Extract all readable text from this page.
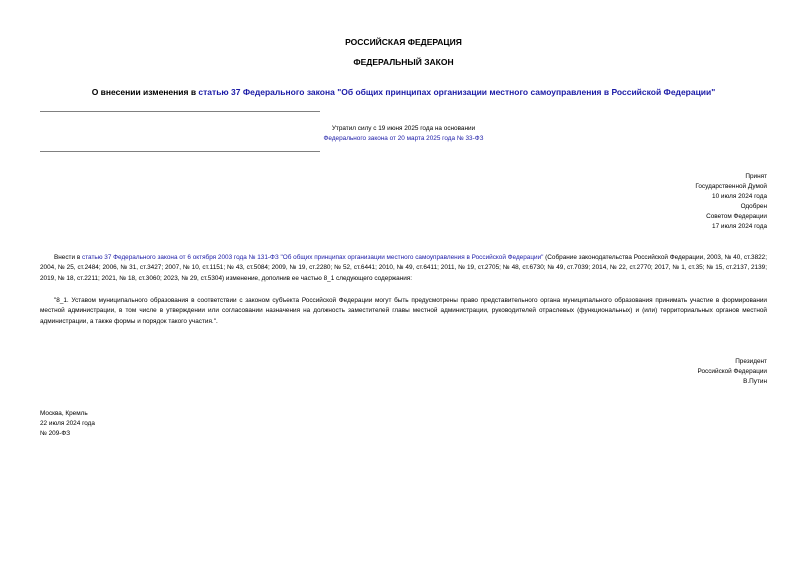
РОССИЙСКАЯ ФЕДЕРАЦИЯ
ФЕДЕРАЛЬНЫЙ ЗАКОН
О внесении изменения в статью 37 Федерального закона "Об общих принципах организации местного самоуправления в Российской Федерации"
Утратил силу с 19 июня 2025 года на основании
Федерального закона от 20 марта 2025 года № 33-ФЗ
Принят
Государственной Думой
10 июля 2024 года
Одобрен
Советом Федерации
17 июля 2024 года
Внести в статью 37 Федерального закона от 6 октября 2003 года № 131-ФЗ "Об общих принципах организации местного самоуправления в Российской Федерации" (Собрание законодательства Российской Федерации, 2003, № 40, ст.3822; 2004, № 25, ст.2484; 2006, № 31, ст.3427; 2007, № 10, ст.1151; № 43, ст.5084; 2009, № 19, ст.2280; № 52, ст.6441; 2010, № 49, ст.6411; 2011, № 19, ст.2705; № 48, ст.6730; № 49, ст.7039; 2014, № 22, ст.2770; 2017, № 1, ст.35; № 15, ст.2137, 2139; 2019, № 18, ст.2211; 2021, № 18, ст.3060; 2023, № 29, ст.5304) изменение, дополнив ее частью 8_1 следующего содержания:
"8_1. Уставом муниципального образования в соответствии с законом субъекта Российской Федерации могут быть предусмотрены право представительного органа муниципального образования принимать участие в формировании местной администрации, в том числе в утверждении или согласовании назначения на должность заместителей главы местной администрации, руководителей отраслевых (функциональных) и (или) территориальных органов местной администрации, а также формы и порядок такого участия.".
Президент
Российской Федерации
В.Путин
Москва, Кремль
22 июля 2024 года
№ 209-ФЗ
